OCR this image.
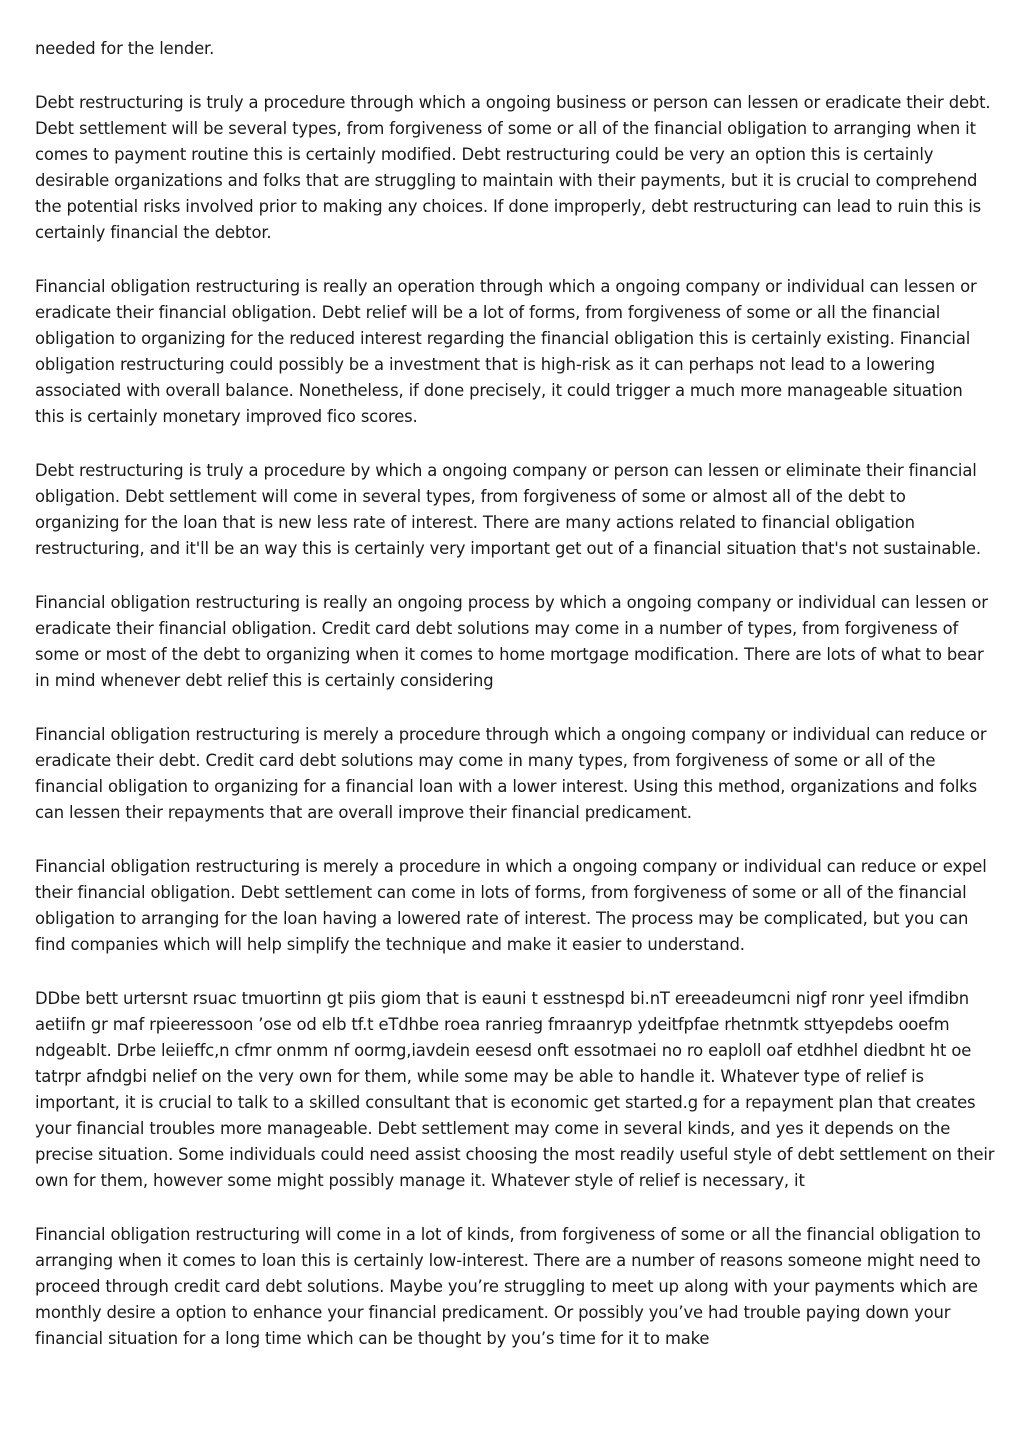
needed for the lender.

Debt restructuring is truly a procedure through which a ongoing business or person can lessen or eradicate their debt. Debt settlement will be several types, from forgiveness of some or all of the financial obligation to arranging when it comes to payment routine this is certainly modified. Debt restructuring could be very an option this is certainly desirable organizations and folks that are struggling to maintain with their payments, but it is crucial to comprehend the potential risks involved prior to making any choices. If done improperly, debt restructuring can lead to ruin this is certainly financial the debtor.

Financial obligation restructuring is really an operation through which a ongoing company or individual can lessen or eradicate their financial obligation. Debt relief will be a lot of forms, from forgiveness of some or all the financial obligation to organizing for the reduced interest regarding the financial obligation this is certainly existing. Financial obligation restructuring could possibly be a investment that is high-risk as it can perhaps not lead to a lowering associated with overall balance. Nonetheless, if done precisely, it could trigger a much more manageable situation this is certainly monetary improved fico scores.

Debt restructuring is truly a procedure by which a ongoing company or person can lessen or eliminate their financial obligation. Debt settlement will come in several types, from forgiveness of some or almost all of the debt to organizing for the loan that is new less rate of interest. There are many actions related to financial obligation restructuring, and it'll be an way this is certainly very important get out of a financial situation that's not sustainable.

Financial obligation restructuring is really an ongoing process by which a ongoing company or individual can lessen or eradicate their financial obligation. Credit card debt solutions may come in a number of types, from forgiveness of some or most of the debt to organizing when it comes to home mortgage modification. There are lots of what to bear in mind whenever debt relief this is certainly considering

Financial obligation restructuring is merely a procedure through which a ongoing company or individual can reduce or eradicate their debt. Credit card debt solutions may come in many types, from forgiveness of some or all of the financial obligation to organizing for a financial loan with a lower interest. Using this method, organizations and folks can lessen their repayments that are overall improve their financial predicament.

Financial obligation restructuring is merely a procedure in which a ongoing company or individual can reduce or expel their financial obligation. Debt settlement can come in lots of forms, from forgiveness of some or all of the financial obligation to arranging for the loan having a lowered rate of interest. The process may be complicated, but you can find companies which will help simplify the technique and make it easier to understand.

DDbe bett urtersnt rsuac tmuortinn gt piis giom that is eauni t esstnespd bi.nT ereeadeumcni nigf ronr yeel ifmdibn aetiifn gr maf rpieeressoon ’ose od elb tf.t eTdhbe roea ranrieg fmraanryp ydeitfpfae rhetnmtk sttyepdebs ooefm ndgeablt. Drbe leiieffc,n cfmr onmm nf oormg,iavdein eesesd onft essotmaei no ro eaploll oaf etdhhel diedbnt ht oe tatrpr afndgbi nelief on the very own for them, while some may be able to handle it. Whatever type of relief is important, it is crucial to talk to a skilled consultant that is economic get started.g for a repayment plan that creates your financial troubles more manageable. Debt settlement may come in several kinds, and yes it depends on the precise situation. Some individuals could need assist choosing the most readily useful style of debt settlement on their own for them, however some might possibly manage it. Whatever style of relief is necessary, it

Financial obligation restructuring will come in a lot of kinds, from forgiveness of some or all the financial obligation to arranging when it comes to loan this is certainly low-interest. There are a number of reasons someone might need to proceed through credit card debt solutions. Maybe you’re struggling to meet up along with your payments which are monthly desire a option to enhance your financial predicament. Or possibly you’ve had trouble paying down your financial situation for a long time which can be thought by you’s time for it to make
